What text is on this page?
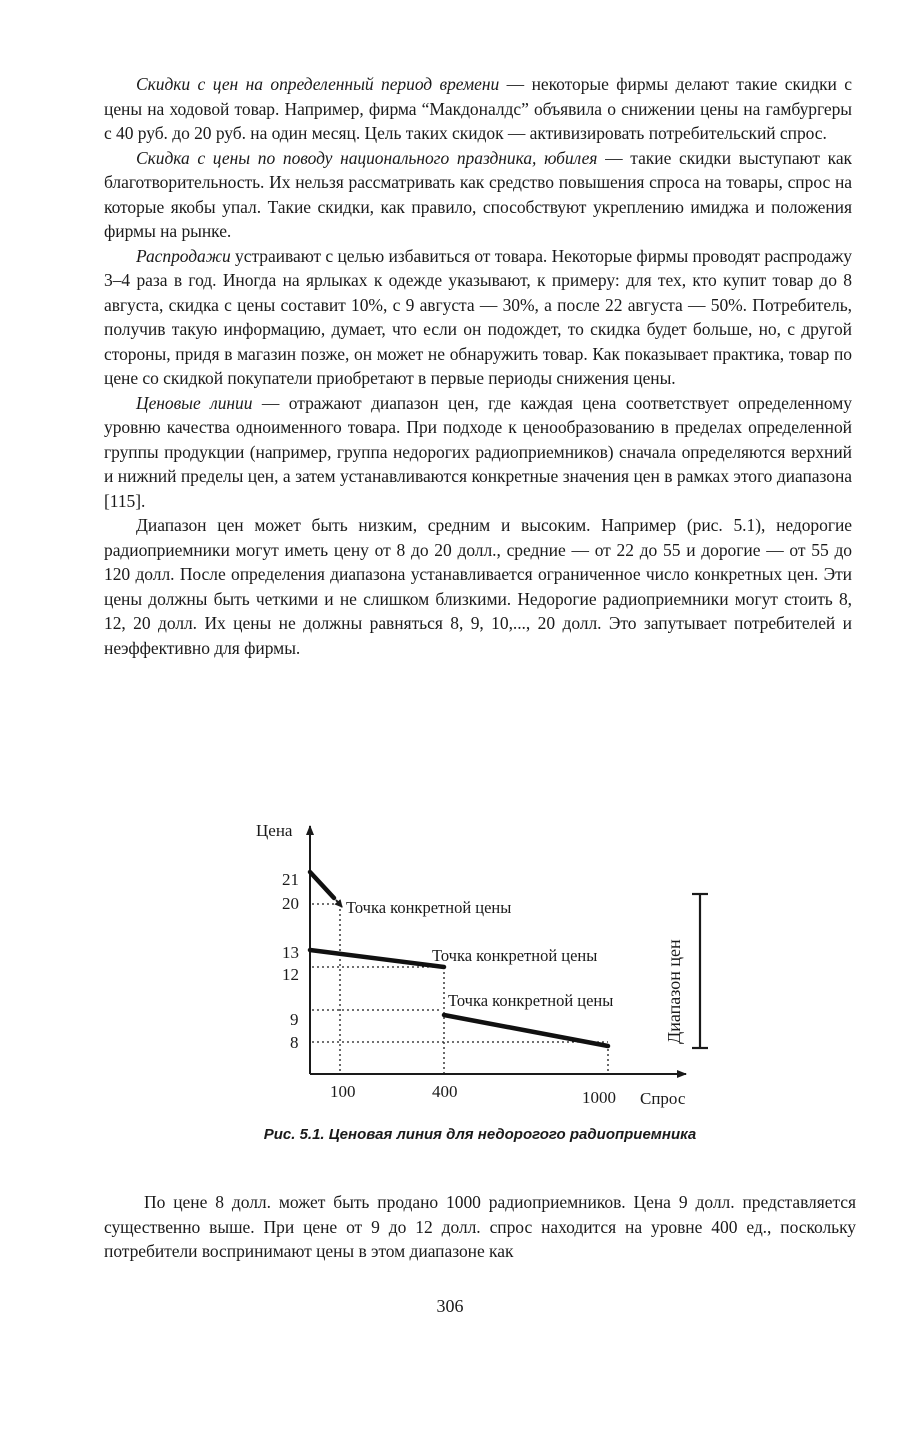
Скидки с цен на определенный период времени — некоторые фирмы делают такие скидки с цены на ходовой товар. Например, фирма “Макдоналдс” объявила о снижении цены на гамбургеры с 40 руб. до 20 руб. на один месяц. Цель таких скидок — активизировать потребительский спрос.

Скидка с цены по поводу национального праздника, юбилея — такие скидки выступают как благотворительность. Их нельзя рассматривать как средство повышения спроса на товары, спрос на которые якобы упал. Такие скидки, как правило, способствуют укреплению имиджа и положения фирмы на рынке.

Распродажи устраивают с целью избавиться от товара. Некоторые фирмы проводят распродажу 3–4 раза в год. Иногда на ярлыках к одежде указывают, к примеру: для тех, кто купит товар до 8 августа, скидка с цены составит 10%, с 9 августа — 30%, а после 22 августа — 50%. Потребитель, получив такую информацию, думает, что если он подождет, то скидка будет больше, но, с другой стороны, придя в магазин позже, он может не обнаружить товар. Как показывает практика, товар по цене со скидкой покупатели приобретают в первые периоды снижения цены.

Ценовые линии — отражают диапазон цен, где каждая цена соответствует определенному уровню качества одноименного товара. При подходе к ценообразованию в пределах определенной группы продукции (например, группа недорогих радиоприемников) сначала определяются верхний и нижний пределы цен, а затем устанавливаются конкретные значения цен в рамках этого диапазона [115].

Диапазон цен может быть низким, средним и высоким. Например (рис. 5.1), недорогие радиоприемники могут иметь цену от 8 до 20 долл., средние — от 22 до 55 и дорогие — от 55 до 120 долл. После определения диапазона устанавливается ограниченное число конкретных цен. Эти цены должны быть четкими и не слишком близкими. Недорогие радиоприемники могут стоить 8, 12, 20 долл. Их цены не должны равняться 8, 9, 10,..., 20 долл. Это запутывает потребителей и неэффективно для фирмы.

Цена
Спрос
21
20
13
12
9
8
100	400	1000
Точка конкретной цены
Точка конкретной цены
Точка конкретной цены	Диапазон цен
Рис. 5.1. Ценовая линия для недорогого радиоприемника

По цене 8 долл. может быть продано 1000 радиоприемников. Цена 9 долл. представляется существенно выше. При цене от 9 до 12 долл. спрос находится на уровне 400 ед., поскольку потребители воспринимают цены в этом диапазоне как

306
